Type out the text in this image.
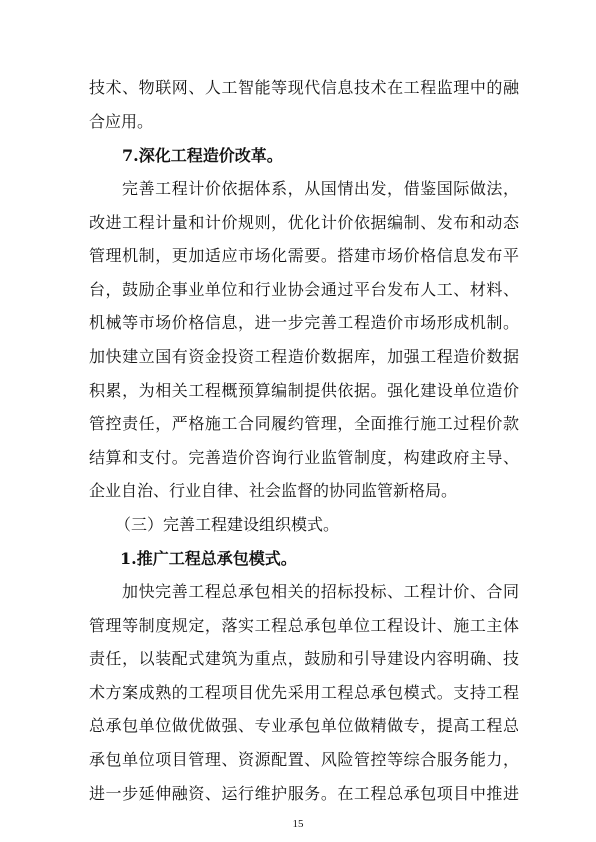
技术、物联网、人工智能等现代信息技术在工程监理中的融
合应用。
7.深化工程造价改革。
完善工程计价依据体系，从国情出发，借鉴国际做法，
改进工程计量和计价规则，优化计价依据编制、发布和动态
管理机制，更加适应市场化需要。搭建市场价格信息发布平
台，鼓励企事业单位和行业协会通过平台发布人工、材料、
机械等市场价格信息，进一步完善工程造价市场形成机制。
加快建立国有资金投资工程造价数据库，加强工程造价数据
积累，为相关工程概预算编制提供依据。强化建设单位造价
管控责任，严格施工合同履约管理，全面推行施工过程价款
结算和支付。完善造价咨询行业监管制度，构建政府主导、
企业自治、行业自律、社会监督的协同监管新格局。
（三）完善工程建设组织模式。
1.推广工程总承包模式。
加快完善工程总承包相关的招标投标、工程计价、合同
管理等制度规定，落实工程总承包单位工程设计、施工主体
责任，以装配式建筑为重点，鼓励和引导建设内容明确、技
术方案成熟的工程项目优先采用工程总承包模式。支持工程
总承包单位做优做强、专业承包单位做精做专，提高工程总
承包单位项目管理、资源配置、风险管控等综合服务能力，
进一步延伸融资、运行维护服务。在工程总承包项目中推进
15
